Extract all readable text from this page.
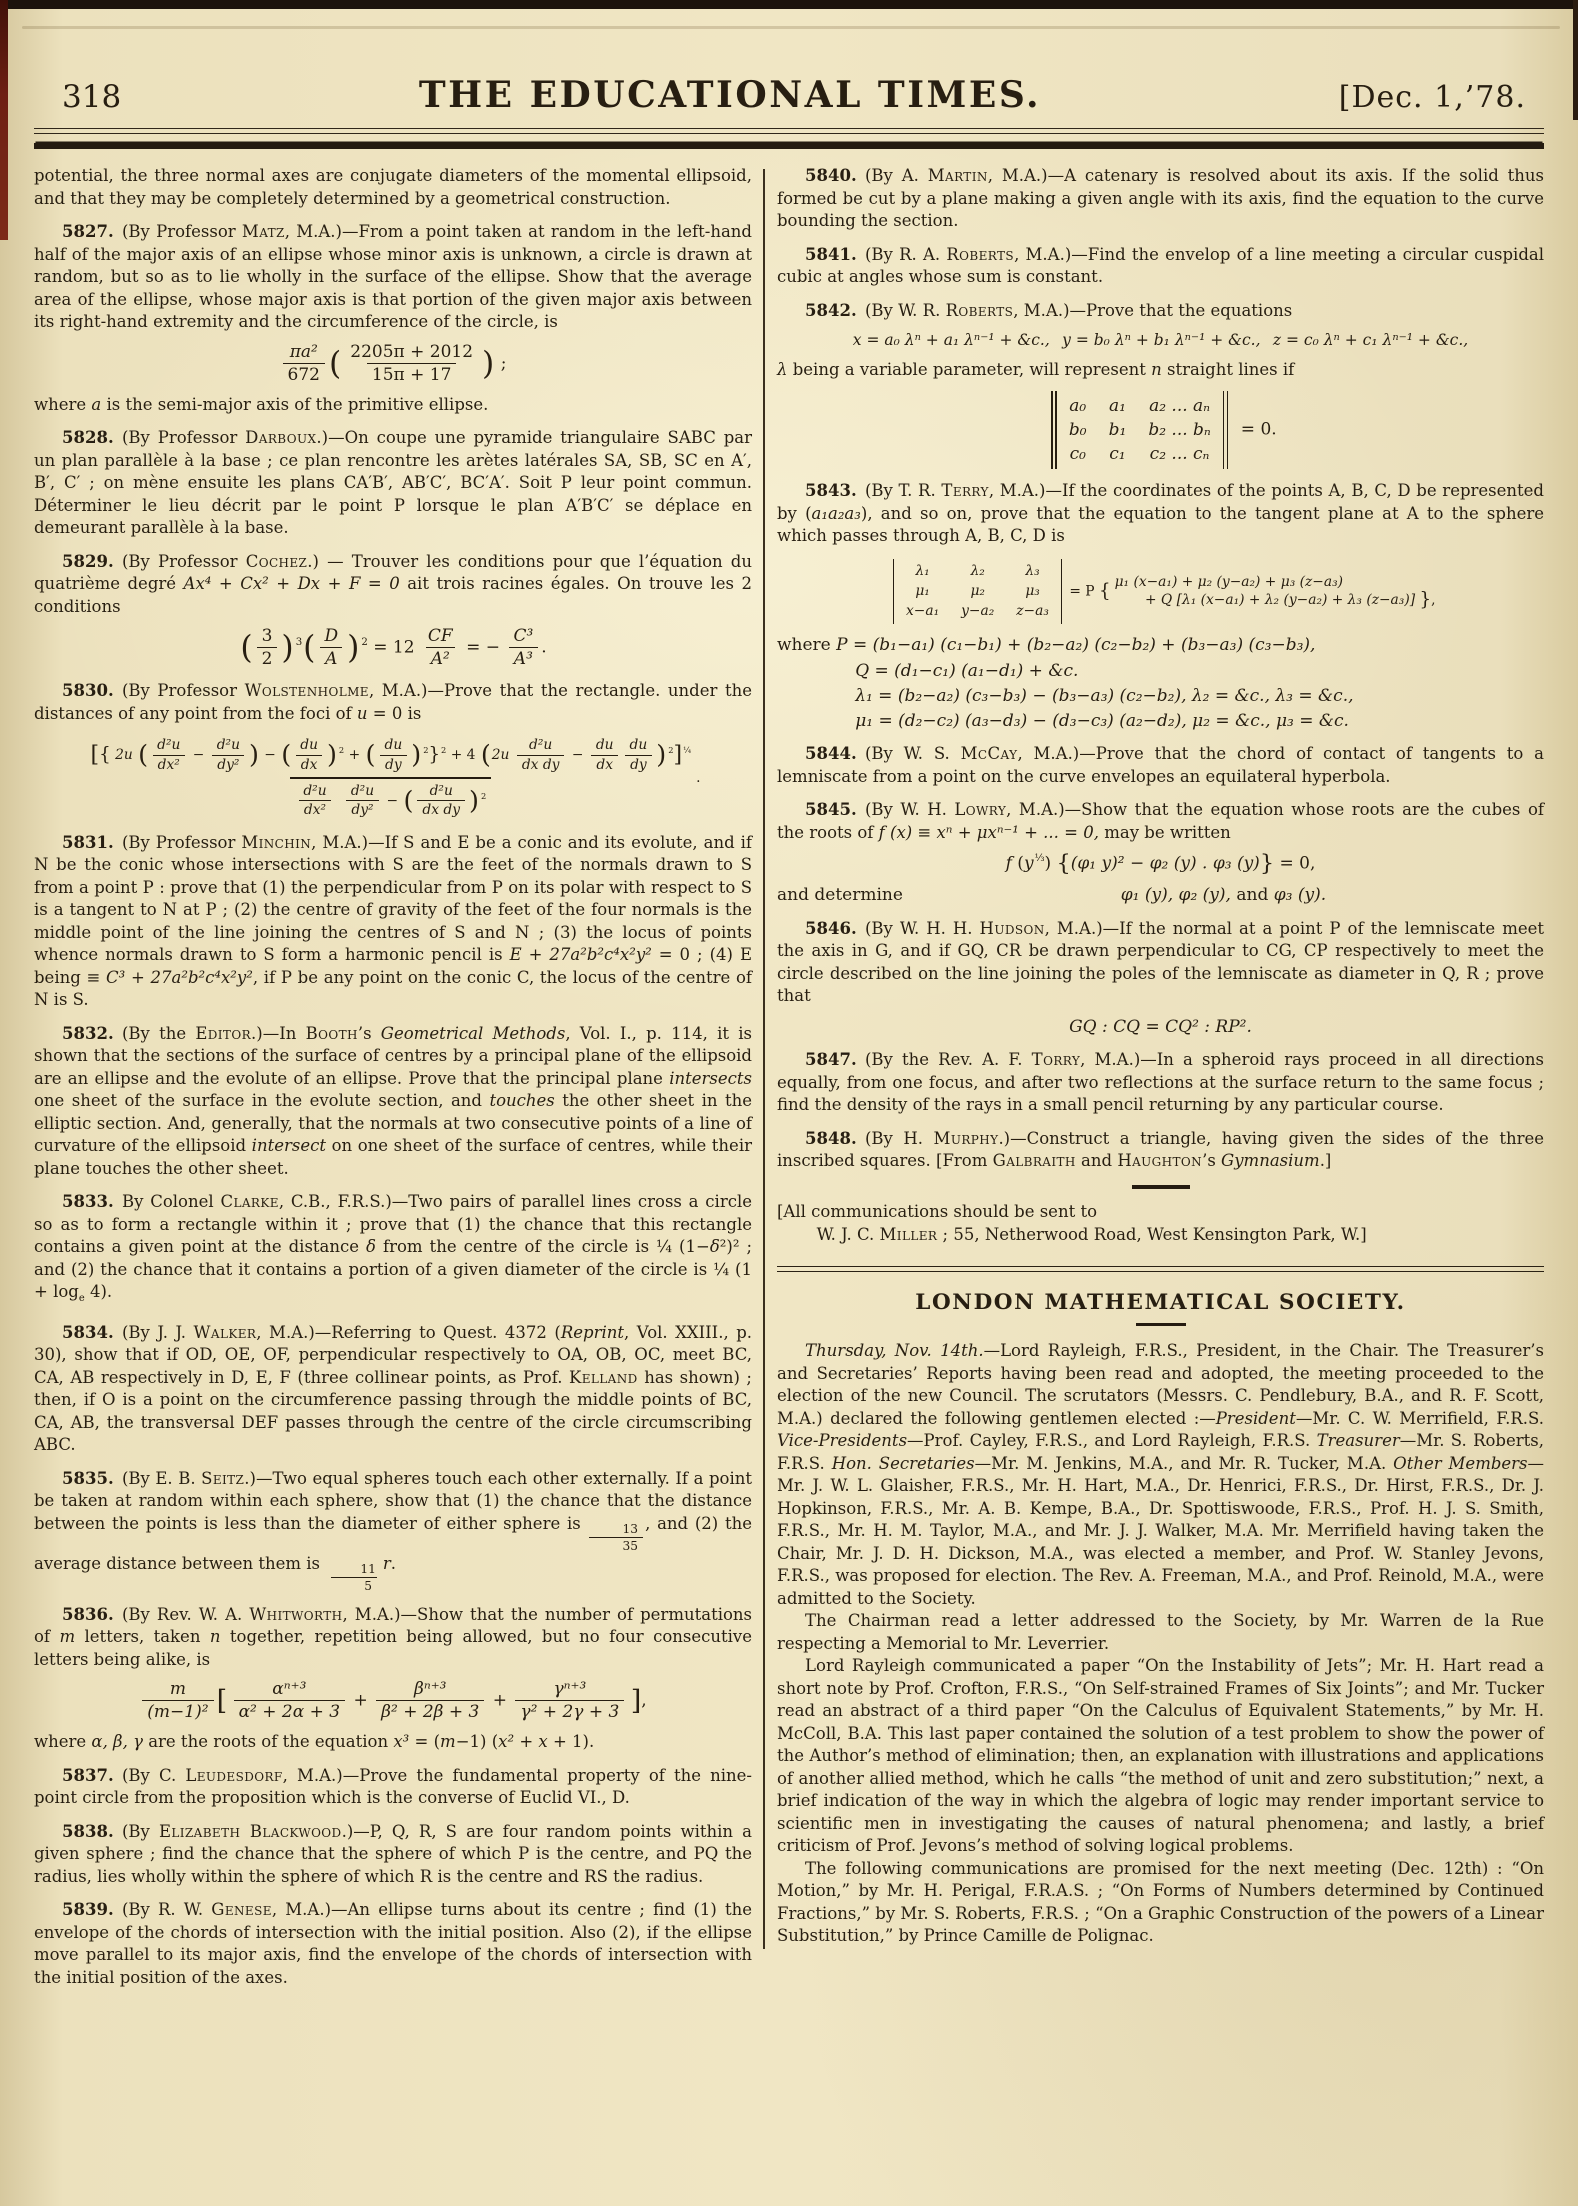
318	THE EDUCATIONAL TIMES.	[Dec. 1,’78.

potential, the three normal axes are conjugate diameters of the momental ellipsoid, and that they may be completely determined by a geometrical construction.

5827.  (By Professor Matz, M.A.)—From a point taken at random in the left-hand half of the major axis of an ellipse whose minor axis is unknown, a circle is drawn at random, but so as to lie wholly in the surface of the ellipse. Show that the average area of the ellipse, whose major axis is that portion of the given major axis between its right-hand extremity and the circumference of the circle, is

$\frac{\text{πa²}}{672}$ ( $\frac{2205\pi + 2012}{15\pi + 17}$ ) ;

where a is the semi-major axis of the primitive ellipse.

5828.  (By Professor Darboux.)—On coupe une pyramide triangulaire SABC par un plan parallèle à la base ; ce plan rencontre les arètes latérales SA, SB, SC en A′, B′, C′ ; on mène ensuite les plans CA′B′, AB′C′, BC′A′. Soit P leur point commun. Déterminer le lieu décrit par le point P lorsque le plan A′B′C′ se déplace en demeurant parallèle à la base.

5829.  (By Professor Cochez.) — Trouver les conditions pour que l’équation du quatrième degré Ax⁴ + Cx² + Dx + F = 0 ait trois racines égales. On trouve les 2 conditions

( $\frac{3}{2}$ ) $^3( \frac{D}{A}$ ) $^2 = 12 \frac{CF}{\text{A²}}$ = − $\frac{\text{C³}}{\text{A³}}$ .

5830.  (By Professor Wolstenholme, M.A.)—Prove that the rectangle. under the distances of any point from the foci of u = 0 is

[{ 2u ( $\frac{\text{d²u}}{\text{dx²}} - \frac{\text{d²u}}{\text{dy²}}$ ) − ( $\frac{du}{dx}$ ) $^2$ + ( $\frac{du}{dy}$ ) $^2$}$^2$ + 4 ($2u \frac{\text{d²u}}{\text{dx dy}} - \frac{du}{dx} \frac{du}{dy}$ ) $^2$]$^{\frac{1}{4}}$
$\frac{\text{d²u}}{\text{dx²}} \frac{\text{d²u}}{\text{dy²}}$ − ( $\frac{\text{d²u}}{\text{dx dy}}$ ) $^2$
.

5831.  (By Professor Minchin, M.A.)—If S and E be a conic and its evolute, and if N be the conic whose intersections with S are the feet of the normals drawn to S from a point P : prove that (1) the perpendicular from P on its polar with respect to S is a tangent to N at P ; (2) the centre of gravity of the feet of the four normals is the middle point of the line joining the centres of S and N ; (3) the locus of points whence normals drawn to S form a harmonic pencil is E + 27a²b²c⁴x²y² = 0 ; (4) E being ≡ C³ + 27a²b²c⁴x²y², if P be any point on the conic C, the locus of the centre of N is S.

5832.  (By the Editor.)—In Booth’s Geometrical Methods, Vol. I., p. 114, it is shown that the sections of the surface of centres by a principal plane of the ellipsoid are an ellipse and the evolute of an ellipse. Prove that the principal plane intersects one sheet of the surface in the evolute section, and touches the other sheet in the elliptic section. And, generally, that the normals at two consecutive points of a line of curvature of the ellipsoid intersect on one sheet of the surface of centres, while their plane touches the other sheet.

5833.  By Colonel Clarke, C.B., F.R.S.)—Two pairs of parallel lines cross a circle so as to form a rectangle within it ; prove that (1) the chance that this rectangle contains a given point at the distance δ from the centre of the circle is ¼ (1−δ²)² ; and (2) the chance that it contains a portion of a given diameter of the circle is ¼ $(1 + \log_e 4)$.

5834.  (By J. J. Walker, M.A.)—Referring to Quest. 4372 (Reprint, Vol. XXIII., p. 30), show that if OD, OE, OF, perpendicular respectively to OA, OB, OC, meet BC, CA, AB respectively in D, E, F (three collinear points, as Prof. Kelland has shown) ; then, if O is a point on the circumference passing through the middle points of BC, CA, AB, the transversal DEF passes through the centre of the circle circumscribing ABC.

5835.  (By E. B. Seitz.)—Two equal spheres touch each other externally. If a point be taken at random within each sphere, show that (1) the chance that the distance between the points is less than the diameter of either sphere is $\frac{13}{35}$ , and (2) the average distance between them is $\frac{11}{5} r$.

5836.  (By Rev. W. A. Whitworth, M.A.)—Show that the number of permutations of m letters, taken n together, repetition being allowed, but no four consecutive letters being alike, is

$\frac{m}{\text{(m−1)²}}$ [ $\frac{\text{αⁿ⁺³}}{\text{α² + 2α + 3}} + \frac{\text{βⁿ⁺³}}{\text{β² + 2β + 3}} + \frac{\text{γⁿ⁺³}}{\text{γ² + 2γ + 3}}$ ],

where α, β, γ are the roots of the equation x³ = (m−1) (x² + x + 1).

5837.  (By C. Leudesdorf, M.A.)—Prove the fundamental property of the nine-point circle from the proposition which is the converse of Euclid VI., D.

5838.  (By Elizabeth Blackwood.)—P, Q, R, S are four random points within a given sphere ; find the chance that the sphere of which P is the centre, and PQ the radius, lies wholly within the sphere of which R is the centre and RS the radius.

5839.  (By R. W. Genese, M.A.)—An ellipse turns about its centre ; find (1) the envelope of the chords of intersection with the initial position. Also (2), if the ellipse move parallel to its major axis, find the envelope of the chords of intersection with the initial position of the axes.

5840.  (By A. Martin, M.A.)—A catenary is resolved about its axis. If the solid thus formed be cut by a plane making a given angle with its axis, find the equation to the curve bounding the section.

5841.  (By R. A. Roberts, M.A.)—Find the envelop of a line meeting a circular cuspidal cubic at angles whose sum is constant.

5842.  (By W. R. Roberts, M.A.)—Prove that the equations

x = a₀ λⁿ + a₁ λⁿ⁻¹ + &c., y = b₀ λⁿ + b₁ λⁿ⁻¹ + &c., z = c₀ λⁿ + c₁ λⁿ⁻¹ + &c.,

λ being a variable parameter, will represent n straight lines if

a₀ a₁ a₂ ... aₙ
b₀ b₁ b₂ ... bₙ
c₀ c₁ c₂ ... cₙ
= 0.

5843.  (By T. R. Terry, M.A.)—If the coordinates of the points A, B, C, D be represented by (a₁a₂a₃), and so on, prove that the equation to the tangent plane at A to the sphere which passes through A, B, C, D is

λ₁	λ₂	λ₃
μ₁	μ₂	μ₃
x−a₁ y−a₂ z−a₃
= P { μ₁ (x−a₁) + μ₂ (y−a₂) + μ₃ (z−a₃)
+ Q [λ₁ (x−a₁) + λ₂ (y−a₂) + λ₃ (z−a₃)] },
where P = (b₁−a₁) (c₁−b₁) + (b₂−a₂) (c₂−b₂) + (b₃−a₃) (c₃−b₃),
Q = (d₁−c₁) (a₁−d₁) + &c.
λ₁ = (b₂−a₂) (c₃−b₃) − (b₃−a₃) (c₂−b₂), λ₂ = &c., λ₃ = &c.,
μ₁ = (d₂−c₂) (a₃−d₃) − (d₃−c₃) (a₂−d₂), μ₂ = &c., μ₃ = &c.

5844.  (By W. S. McCay, M.A.)—Prove that the chord of contact of tangents to a lemniscate from a point on the curve envelopes an equilateral hyperbola.

5845.  (By W. H. Lowry, M.A.)—Show that the equation whose roots are the cubes of the roots of f (x) ≡ xⁿ + μxⁿ⁻¹ + ... = 0, may be written

f $(y^{\frac{1}{3}})$ {(φ₁ y)² − φ₂ (y) . φ₃ (y)} = 0,
and determine	φ₁ (y), φ₂ (y), and φ₃ (y).

5846.  (By W. H. H. Hudson, M.A.)—If the normal at a point P of the lemniscate meet the axis in G, and if GQ, CR be drawn perpendicular to CG, CP respectively to meet the circle described on the line joining the poles of the lemniscate as diameter in Q, R ; prove that

GQ : CQ = CQ² : RP².

5847.  (By the Rev. A. F. Torry, M.A.)—In a spheroid rays proceed in all directions equally, from one focus, and after two reflections at the surface return to the same focus ; find the density of the rays in a small pencil returning by any particular course.

5848.  (By H. Murphy.)—Construct a triangle, having given the sides of the three inscribed squares. [From Galbraith and Haughton’s Gymnasium.]

[All communications should be sent to

W. J. C. Miller ; 55, Netherwood Road, West Kensington Park, W.]

LONDON MATHEMATICAL SOCIETY.

Thursday, Nov. 14th.—Lord Rayleigh, F.R.S., President, in the Chair. The Treasurer’s and Secretaries’ Reports having been read and adopted, the meeting proceeded to the election of the new Council. The scrutators (Messrs. C. Pendlebury, B.A., and R. F. Scott, M.A.) declared the following gentlemen elected :—President—Mr. C. W. Merrifield, F.R.S. Vice-Presidents—Prof. Cayley, F.R.S., and Lord Rayleigh, F.R.S. Treasurer—Mr. S. Roberts, F.R.S. Hon. Secretaries—Mr. M. Jenkins, M.A., and Mr. R. Tucker, M.A. Other Members—Mr. J. W. L. Glaisher, F.R.S., Mr. H. Hart, M.A., Dr. Henrici, F.R.S., Dr. Hirst, F.R.S., Dr. J. Hopkinson, F.R.S., Mr. A. B. Kempe, B.A., Dr. Spottiswoode, F.R.S., Prof. H. J. S. Smith, F.R.S., Mr. H. M. Taylor, M.A., and Mr. J. J. Walker, M.A. Mr. Merrifield having taken the Chair, Mr. J. D. H. Dickson, M.A., was elected a member, and Prof. W. Stanley Jevons, F.R.S., was proposed for election. The Rev. A. Freeman, M.A., and Prof. Reinold, M.A., were admitted to the Society.

The Chairman read a letter addressed to the Society, by Mr. Warren de la Rue respecting a Memorial to Mr. Leverrier.

Lord Rayleigh communicated a paper “On the Instability of Jets”; Mr. H. Hart read a short note by Prof. Crofton, F.R.S., “On Self-strained Frames of Six Joints”; and Mr. Tucker read an abstract of a third paper “On the Calculus of Equivalent Statements,” by Mr. H. McColl, B.A. This last paper contained the solution of a test problem to show the power of the Author’s method of elimination; then, an explanation with illustrations and applications of another allied method, which he calls “the method of unit and zero substitution;” next, a brief indication of the way in which the algebra of logic may render important service to scientific men in investigating the causes of natural phenomena; and lastly, a brief criticism of Prof. Jevons’s method of solving logical problems.

The following communications are promised for the next meeting (Dec. 12th) : “On Motion,” by Mr. H. Perigal, F.R.A.S. ; “On Forms of Numbers determined by Continued Fractions,” by Mr. S. Roberts, F.R.S. ; “On a Graphic Construction of the powers of a Linear Substitution,” by Prince Camille de Polignac.
